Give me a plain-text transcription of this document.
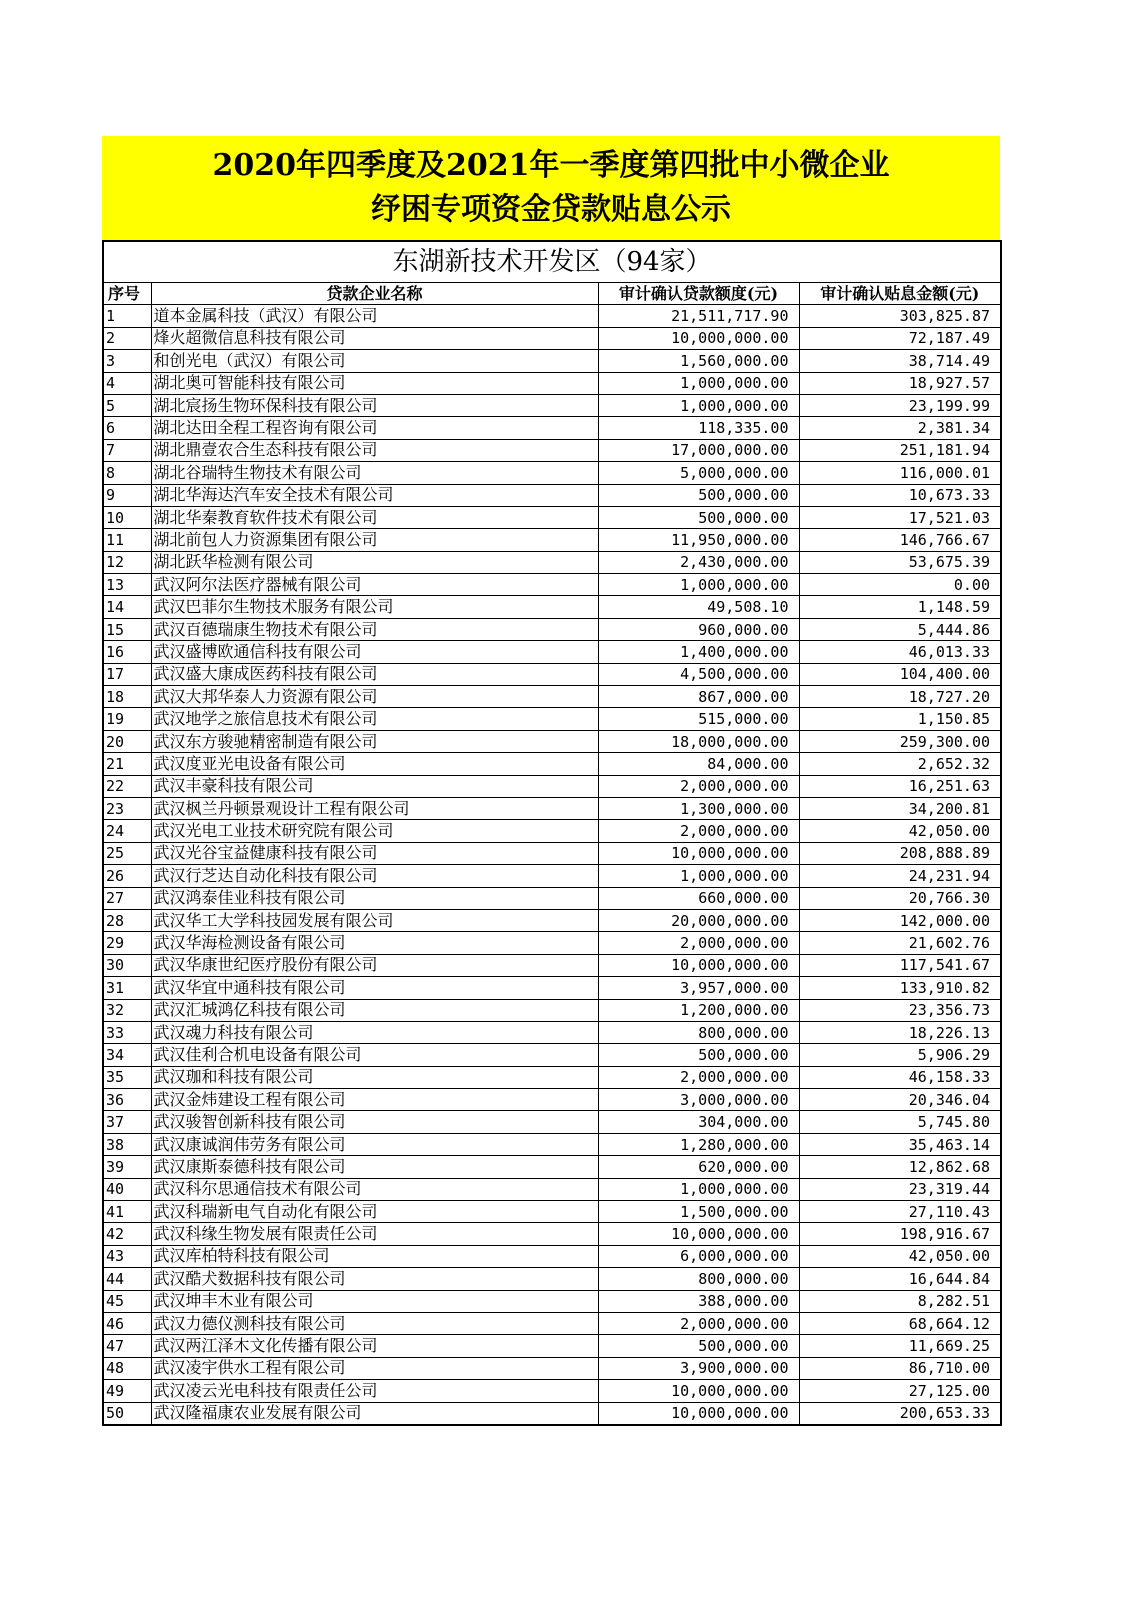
2020年四季度及2021年一季度第四批中小微企业
纾困专项资金贷款贴息公示
东湖新技术开发区（94家）			
序号	贷款企业名称	审计确认贷款额度(元)	审计确认贴息金额(元)
1	道本金属科技（武汉）有限公司	21,511,717.90	303,825.87
2	烽火超微信息科技有限公司	10,000,000.00	72,187.49
3	和创光电（武汉）有限公司	1,560,000.00	38,714.49
4	湖北奥可智能科技有限公司	1,000,000.00	18,927.57
5	湖北宸扬生物环保科技有限公司	1,000,000.00	23,199.99
6	湖北达田全程工程咨询有限公司	118,335.00	2,381.34
7	湖北鼎壹农合生态科技有限公司	17,000,000.00	251,181.94
8	湖北谷瑞特生物技术有限公司	5,000,000.00	116,000.01
9	湖北华海达汽车安全技术有限公司	500,000.00	10,673.33
10	湖北华秦教育软件技术有限公司	500,000.00	17,521.03
11	湖北前包人力资源集团有限公司	11,950,000.00	146,766.67
12	湖北跃华检测有限公司	2,430,000.00	53,675.39
13	武汉阿尔法医疗器械有限公司	1,000,000.00	0.00
14	武汉巴菲尔生物技术服务有限公司	49,508.10	1,148.59
15	武汉百德瑞康生物技术有限公司	960,000.00	5,444.86
16	武汉盛博欧通信科技有限公司	1,400,000.00	46,013.33
17	武汉盛大康成医药科技有限公司	4,500,000.00	104,400.00
18	武汉大邦华泰人力资源有限公司	867,000.00	18,727.20
19	武汉地学之旅信息技术有限公司	515,000.00	1,150.85
20	武汉东方骏驰精密制造有限公司	18,000,000.00	259,300.00
21	武汉度亚光电设备有限公司	84,000.00	2,652.32
22	武汉丰豪科技有限公司	2,000,000.00	16,251.63
23	武汉枫兰丹顿景观设计工程有限公司	1,300,000.00	34,200.81
24	武汉光电工业技术研究院有限公司	2,000,000.00	42,050.00
25	武汉光谷宝益健康科技有限公司	10,000,000.00	208,888.89
26	武汉行芝达自动化科技有限公司	1,000,000.00	24,231.94
27	武汉鸿泰佳业科技有限公司	660,000.00	20,766.30
28	武汉华工大学科技园发展有限公司	20,000,000.00	142,000.00
29	武汉华海检测设备有限公司	2,000,000.00	21,602.76
30	武汉华康世纪医疗股份有限公司	10,000,000.00	117,541.67
31	武汉华宜中通科技有限公司	3,957,000.00	133,910.82
32	武汉汇城鸿亿科技有限公司	1,200,000.00	23,356.73
33	武汉魂力科技有限公司	800,000.00	18,226.13
34	武汉佳利合机电设备有限公司	500,000.00	5,906.29
35	武汉珈和科技有限公司	2,000,000.00	46,158.33
36	武汉金炜建设工程有限公司	3,000,000.00	20,346.04
37	武汉骏智创新科技有限公司	304,000.00	5,745.80
38	武汉康诚润伟劳务有限公司	1,280,000.00	35,463.14
39	武汉康斯泰德科技有限公司	620,000.00	12,862.68
40	武汉科尔思通信技术有限公司	1,000,000.00	23,319.44
41	武汉科瑞新电气自动化有限公司	1,500,000.00	27,110.43
42	武汉科缘生物发展有限责任公司	10,000,000.00	198,916.67
43	武汉库柏特科技有限公司	6,000,000.00	42,050.00
44	武汉酷犬数据科技有限公司	800,000.00	16,644.84
45	武汉坤丰木业有限公司	388,000.00	8,282.51
46	武汉力德仪测科技有限公司	2,000,000.00	68,664.12
47	武汉两江泽木文化传播有限公司	500,000.00	11,669.25
48	武汉凌宇供水工程有限公司	3,900,000.00	86,710.00
49	武汉凌云光电科技有限责任公司	10,000,000.00	27,125.00
50	武汉隆福康农业发展有限公司	10,000,000.00	200,653.33
